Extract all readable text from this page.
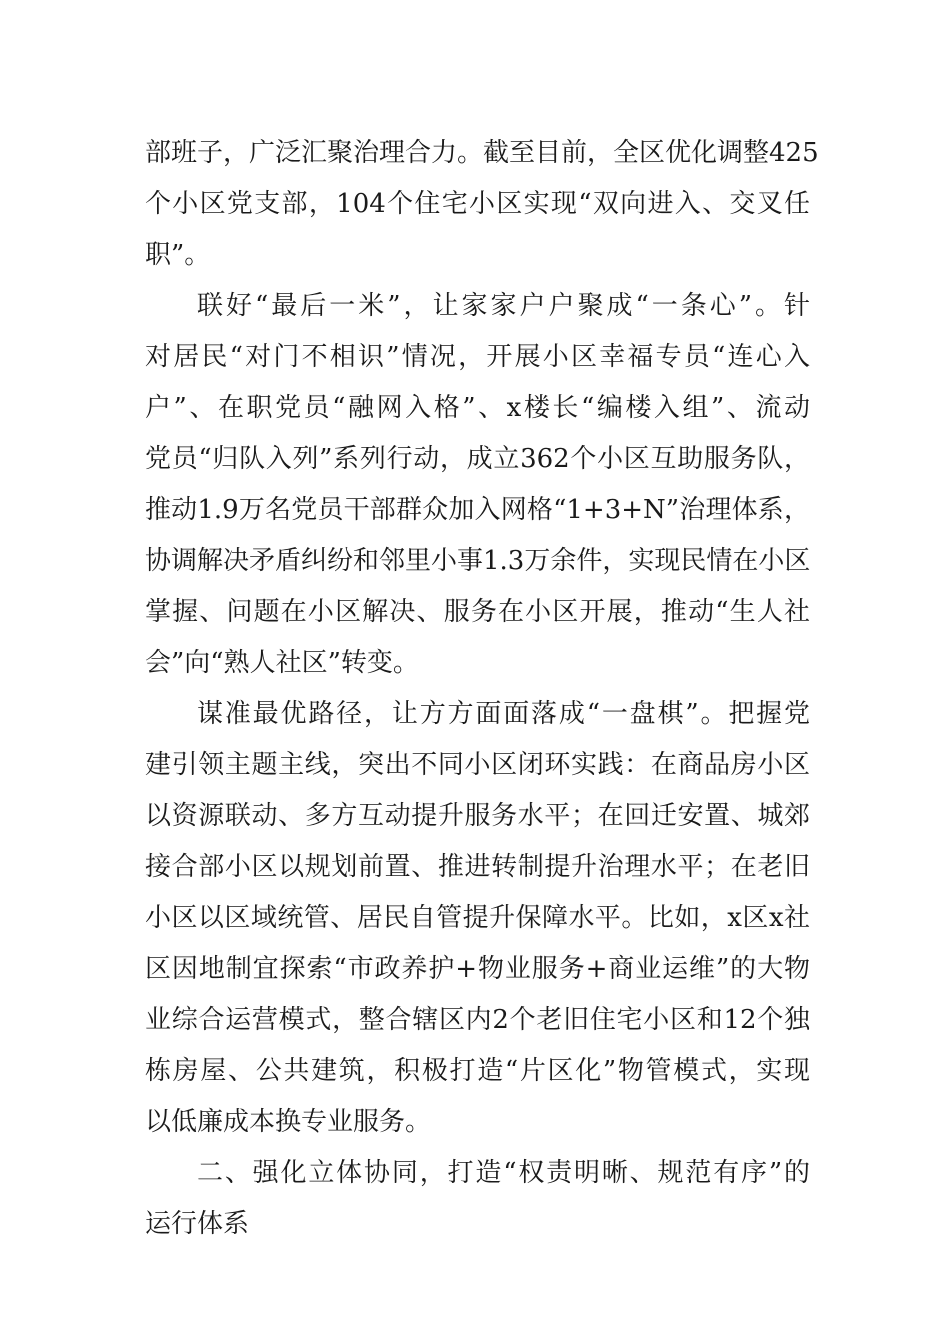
部班子，广泛汇聚治理合力。截至目前，全区优化调整425
个小区党支部，104个住宅小区实现“双向进入、交叉任
职”。
联好“最后一米”，让家家户户聚成“一条心”。针
对居民“对门不相识”情况，开展小区幸福专员“连心入
户”、在职党员“融网入格”、x楼长“编楼入组”、流动
党员“归队入列”系列行动，成立362个小区互助服务队，
推动1.9万名党员干部群众加入网格“1+3+N”治理体系，
协调解决矛盾纠纷和邻里小事1.3万余件，实现民情在小区
掌握、问题在小区解决、服务在小区开展，推动“生人社
会”向“熟人社区”转变。
谋准最优路径，让方方面面落成“一盘棋”。把握党
建引领主题主线，突出不同小区闭环实践：在商品房小区
以资源联动、多方互动提升服务水平；在回迁安置、城郊
接合部小区以规划前置、推进转制提升治理水平；在老旧
小区以区域统管、居民自管提升保障水平。比如，x区x社
区因地制宜探索“市政养护+物业服务+商业运维”的大物
业综合运营模式，整合辖区内2个老旧住宅小区和12个独
栋房屋、公共建筑，积极打造“片区化”物管模式，实现
以低廉成本换专业服务。
二、强化立体协同，打造“权责明晰、规范有序”的
运行体系
